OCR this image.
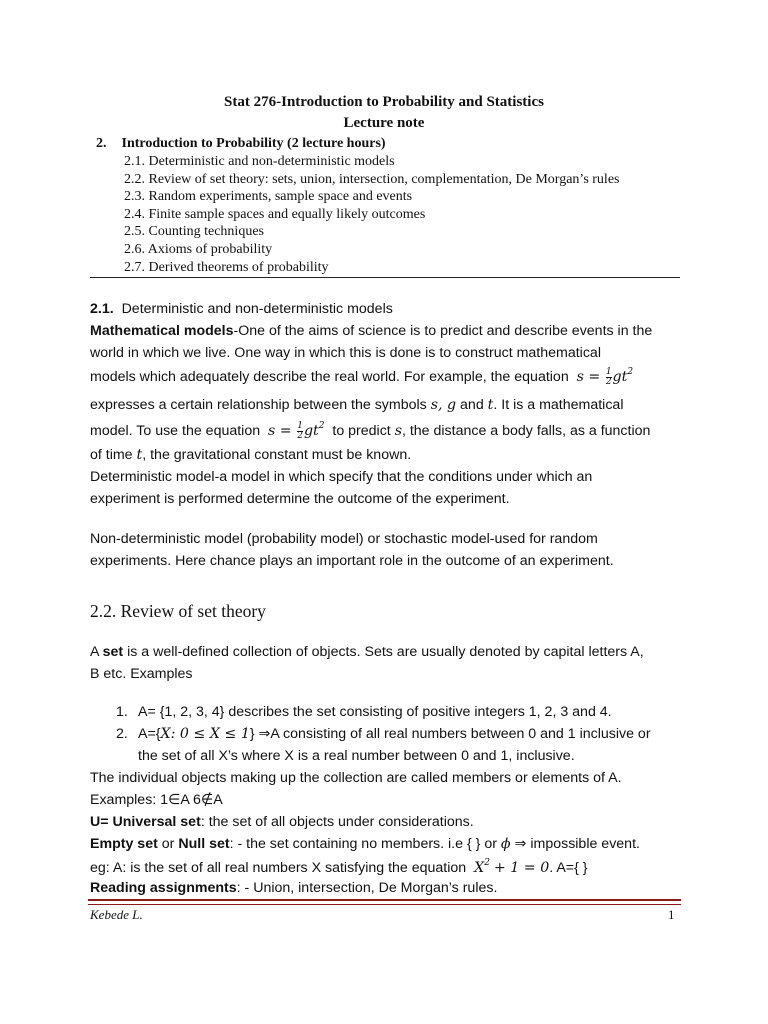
Stat 276-Introduction to Probability and Statistics
Lecture note
2. Introduction to Probability (2 lecture hours)
2.1. Deterministic and non-deterministic models
2.2. Review of set theory: sets, union, intersection, complementation, De Morgan’s rules
2.3. Random experiments, sample space and events
2.4. Finite sample spaces and equally likely outcomes
2.5. Counting techniques
2.6. Axioms of probability
2.7. Derived theorems of probability
2.1. Deterministic and non-deterministic models
Mathematical models-One of the aims of science is to predict and describe events in the
world in which we live. One way in which this is done is to construct mathematical
models which adequately describe the real world. For example, the equation $s = \frac{1}{2} gt^2$
expresses a certain relationship between the symbols s, g and t. It is a mathematical
model. To use the equation $s = \frac{1}{2} gt^2$ to predict s, the distance a body falls, as a function
of time t, the gravitational constant must be known.
Deterministic model-a model in which specify that the conditions under which an
experiment is performed determine the outcome of the experiment.
Non-deterministic model (probability model) or stochastic model-used for random
experiments. Here chance plays an important role in the outcome of an experiment.
2.2. Review of set theory
A set is a well-defined collection of objects. Sets are usually denoted by capital letters A,
B etc. Examples
1. A= {1, 2, 3, 4} describes the set consisting of positive integers 1, 2, 3 and 4.
2. A={X: 0 ≤ X ≤ 1} ⇒A consisting of all real numbers between 0 and 1 inclusive or
the set of all X’s where X is a real number between 0 and 1, inclusive.
The individual objects making up the collection are called members or elements of A.
Examples: 1∈A 6∉A
U= Universal set: the set of all objects under considerations.
Empty set or Null set: - the set containing no members. i.e { } or ϕ ⇒ impossible event.
eg: A: is the set of all real numbers X satisfying the equation $X^2 + 1 = 0$. A={ }
Reading assignments: - Union, intersection, De Morgan’s rules.
Kebede L.	1
